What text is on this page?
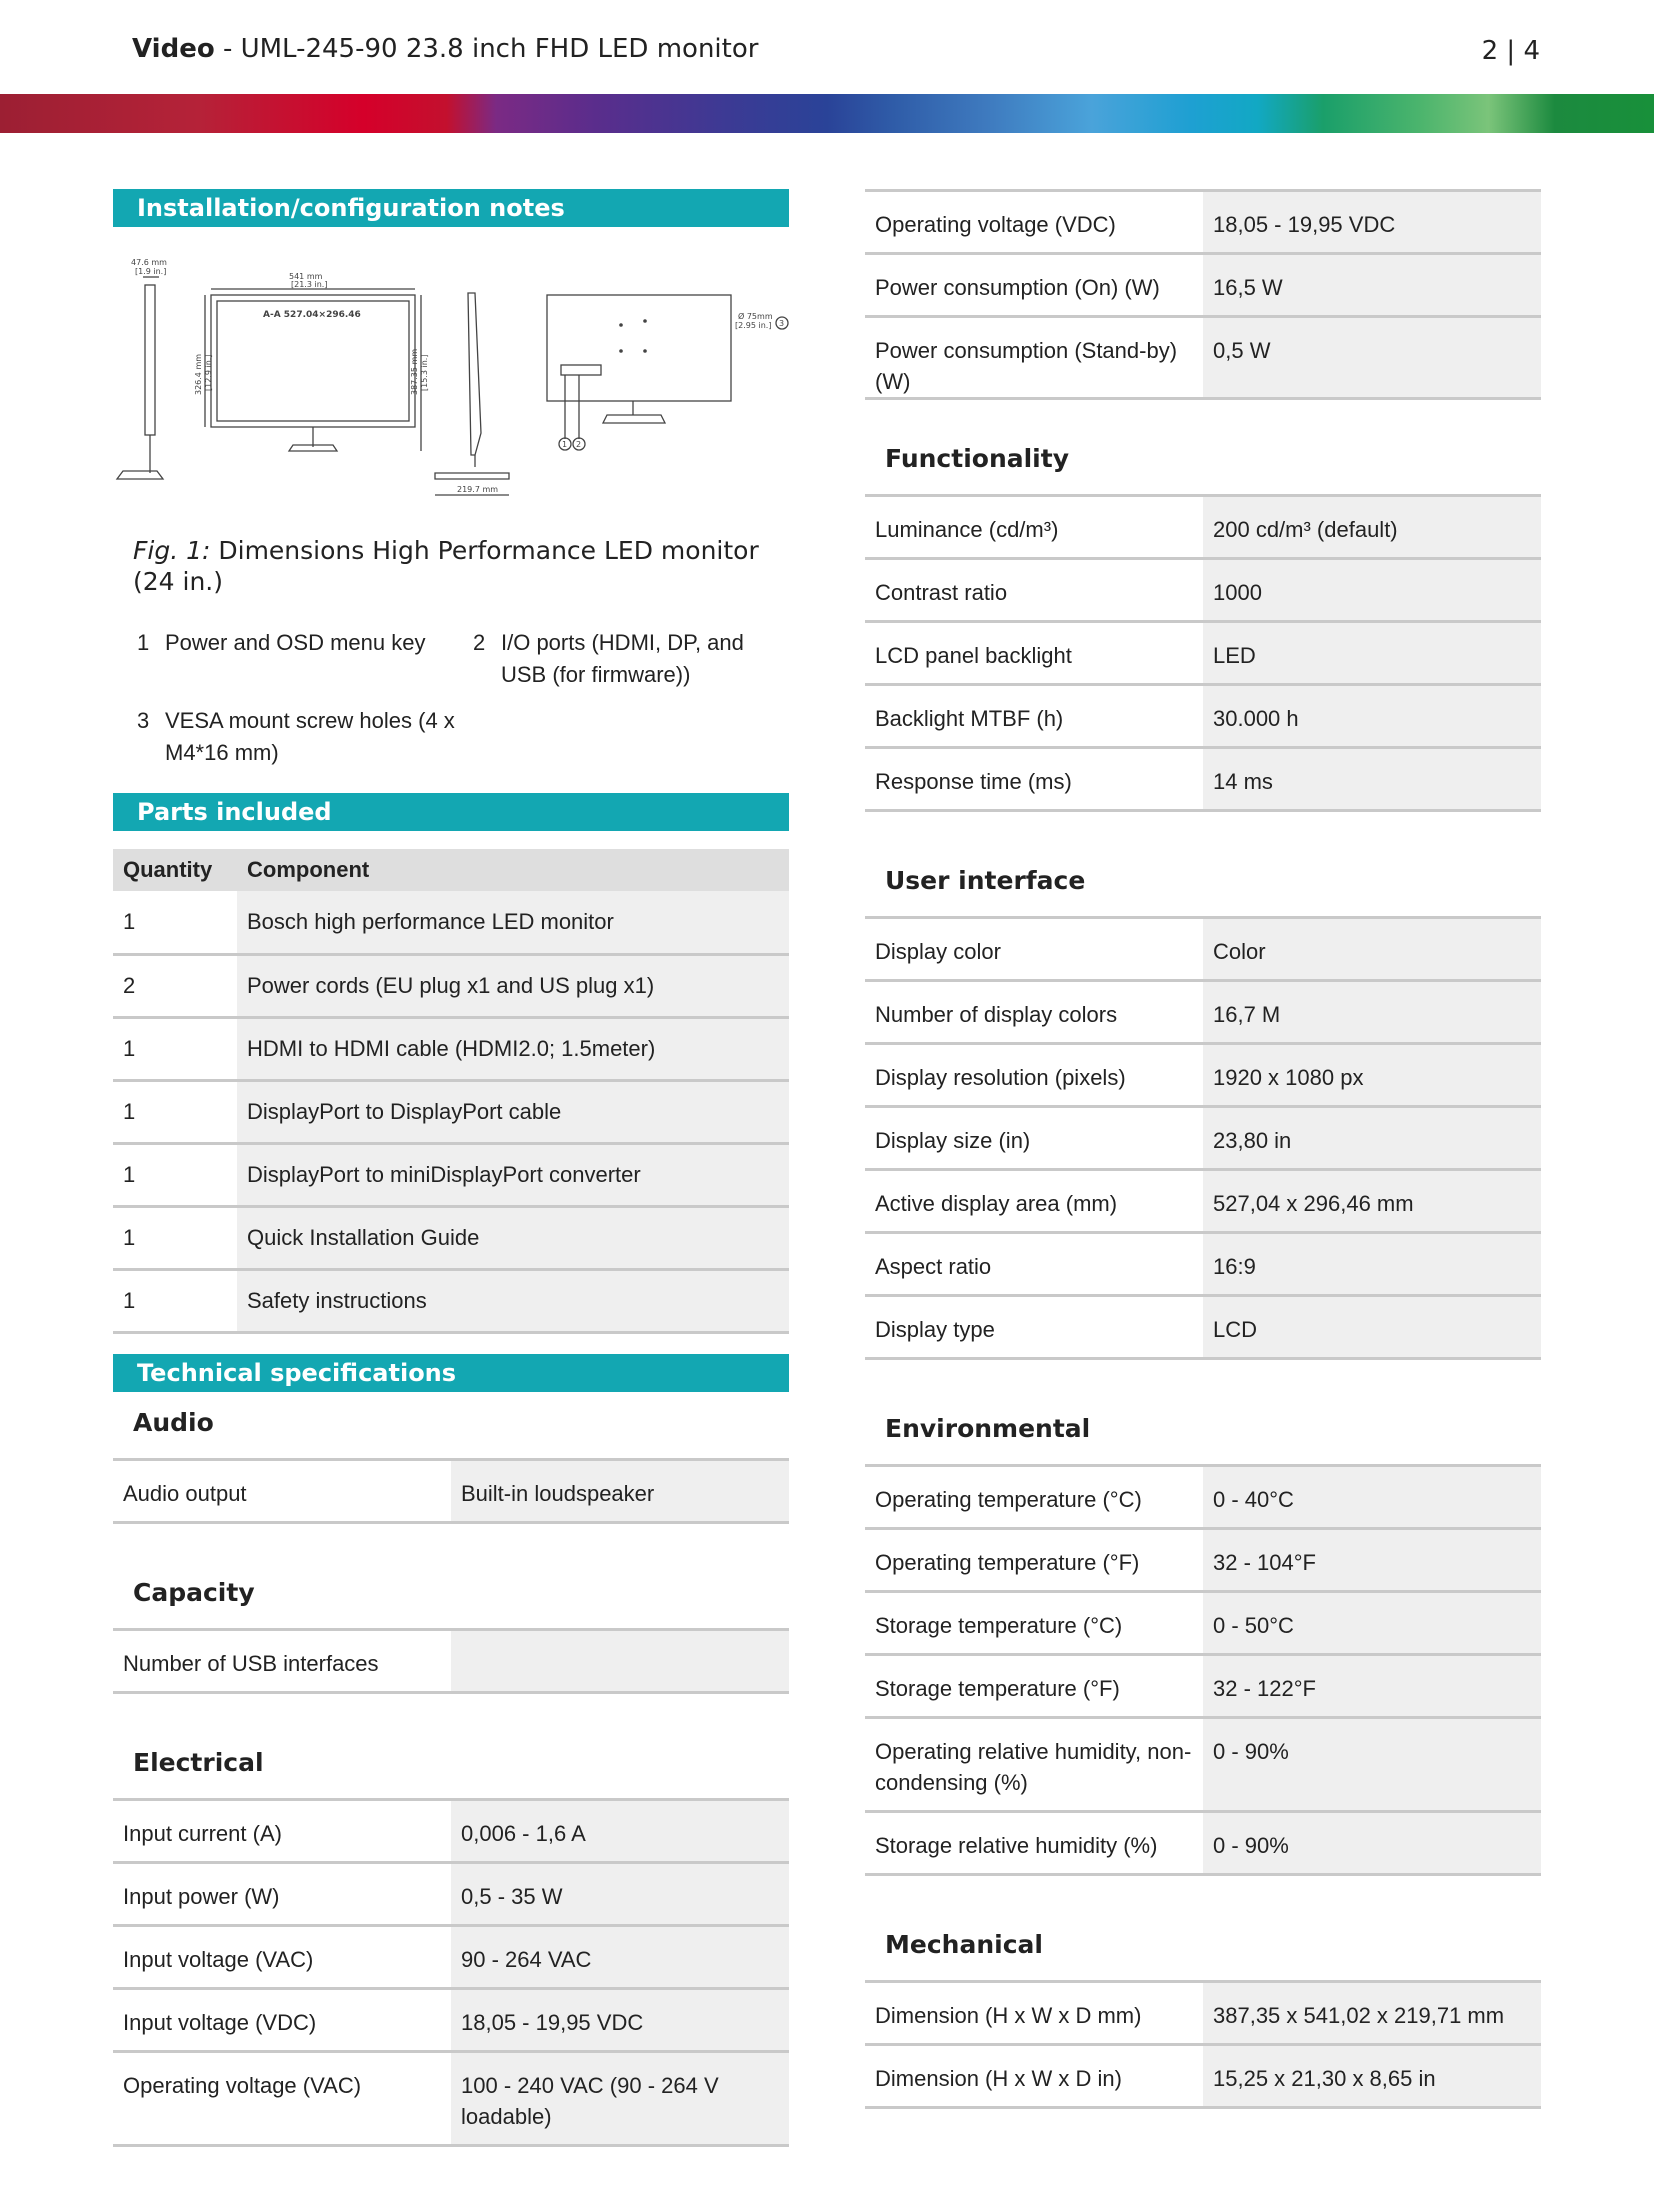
Video - UML-245-90 23.8 inch FHD LED monitor	2 | 4
Installation/configuration notes
47.6 mm
[1.9 in.]
541 mm
[21.3 in.]
A-A 527.04×296.46
326.4 mm [12.9 in.]	387.35 mm [15.3 in.]
219.7 mm
Ø 75mm
[2.95 in.]
1 2
3
Fig. 1: Dimensions High Performance LED monitor (24 in.)
1 Power and OSD menu key	2 I/O ports (HDMI, DP, and USB (for firmware))
3 VESA mount screw holes (4 x M4*16 mm)
Parts included
Quantity	Component
1	Bosch high performance LED monitor
2	Power cords (EU plug x1 and US plug x1)
1	HDMI to HDMI cable (HDMI2.0; 1.5meter)
1	DisplayPort to DisplayPort cable
1	DisplayPort to miniDisplayPort converter
1	Quick Installation Guide
1	Safety instructions
Technical specifications
Audio
Audio output	Built-in loudspeaker
Capacity
Number of USB interfaces	
Electrical
Input current (A)	0,006 - 1,6 A
Input power (W)	0,5 - 35 W
Input voltage (VAC)	90 - 264 VAC
Input voltage (VDC)	18,05 - 19,95 VDC
Operating voltage (VAC)	100 - 240 VAC (90 - 264 V loadable)
Operating voltage (VDC)	18,05 - 19,95 VDC
Power consumption (On) (W)	16,5 W
Power consumption (Stand-by) (W)	0,5 W
Functionality
Luminance (cd/m³)	200 cd/m³ (default)
Contrast ratio	1000
LCD panel backlight	LED
Backlight MTBF (h)	30.000 h
Response time (ms)	14 ms
User interface
Display color	Color
Number of display colors	16,7 M
Display resolution (pixels)	1920 x 1080 px
Display size (in)	23,80 in
Active display area (mm)	527,04 x 296,46 mm
Aspect ratio	16:9
Display type	LCD
Environmental
Operating temperature (°C)	0 - 40°C
Operating temperature (°F)	32 - 104°F
Storage temperature (°C)	0 - 50°C
Storage temperature (°F)	32 - 122°F
Operating relative humidity, non-condensing (%)	0 - 90%
Storage relative humidity (%)	0 - 90%
Mechanical
Dimension (H x W x D mm)	387,35 x 541,02 x 219,71 mm
Dimension (H x W x D in)	15,25 x 21,30 x 8,65 in
